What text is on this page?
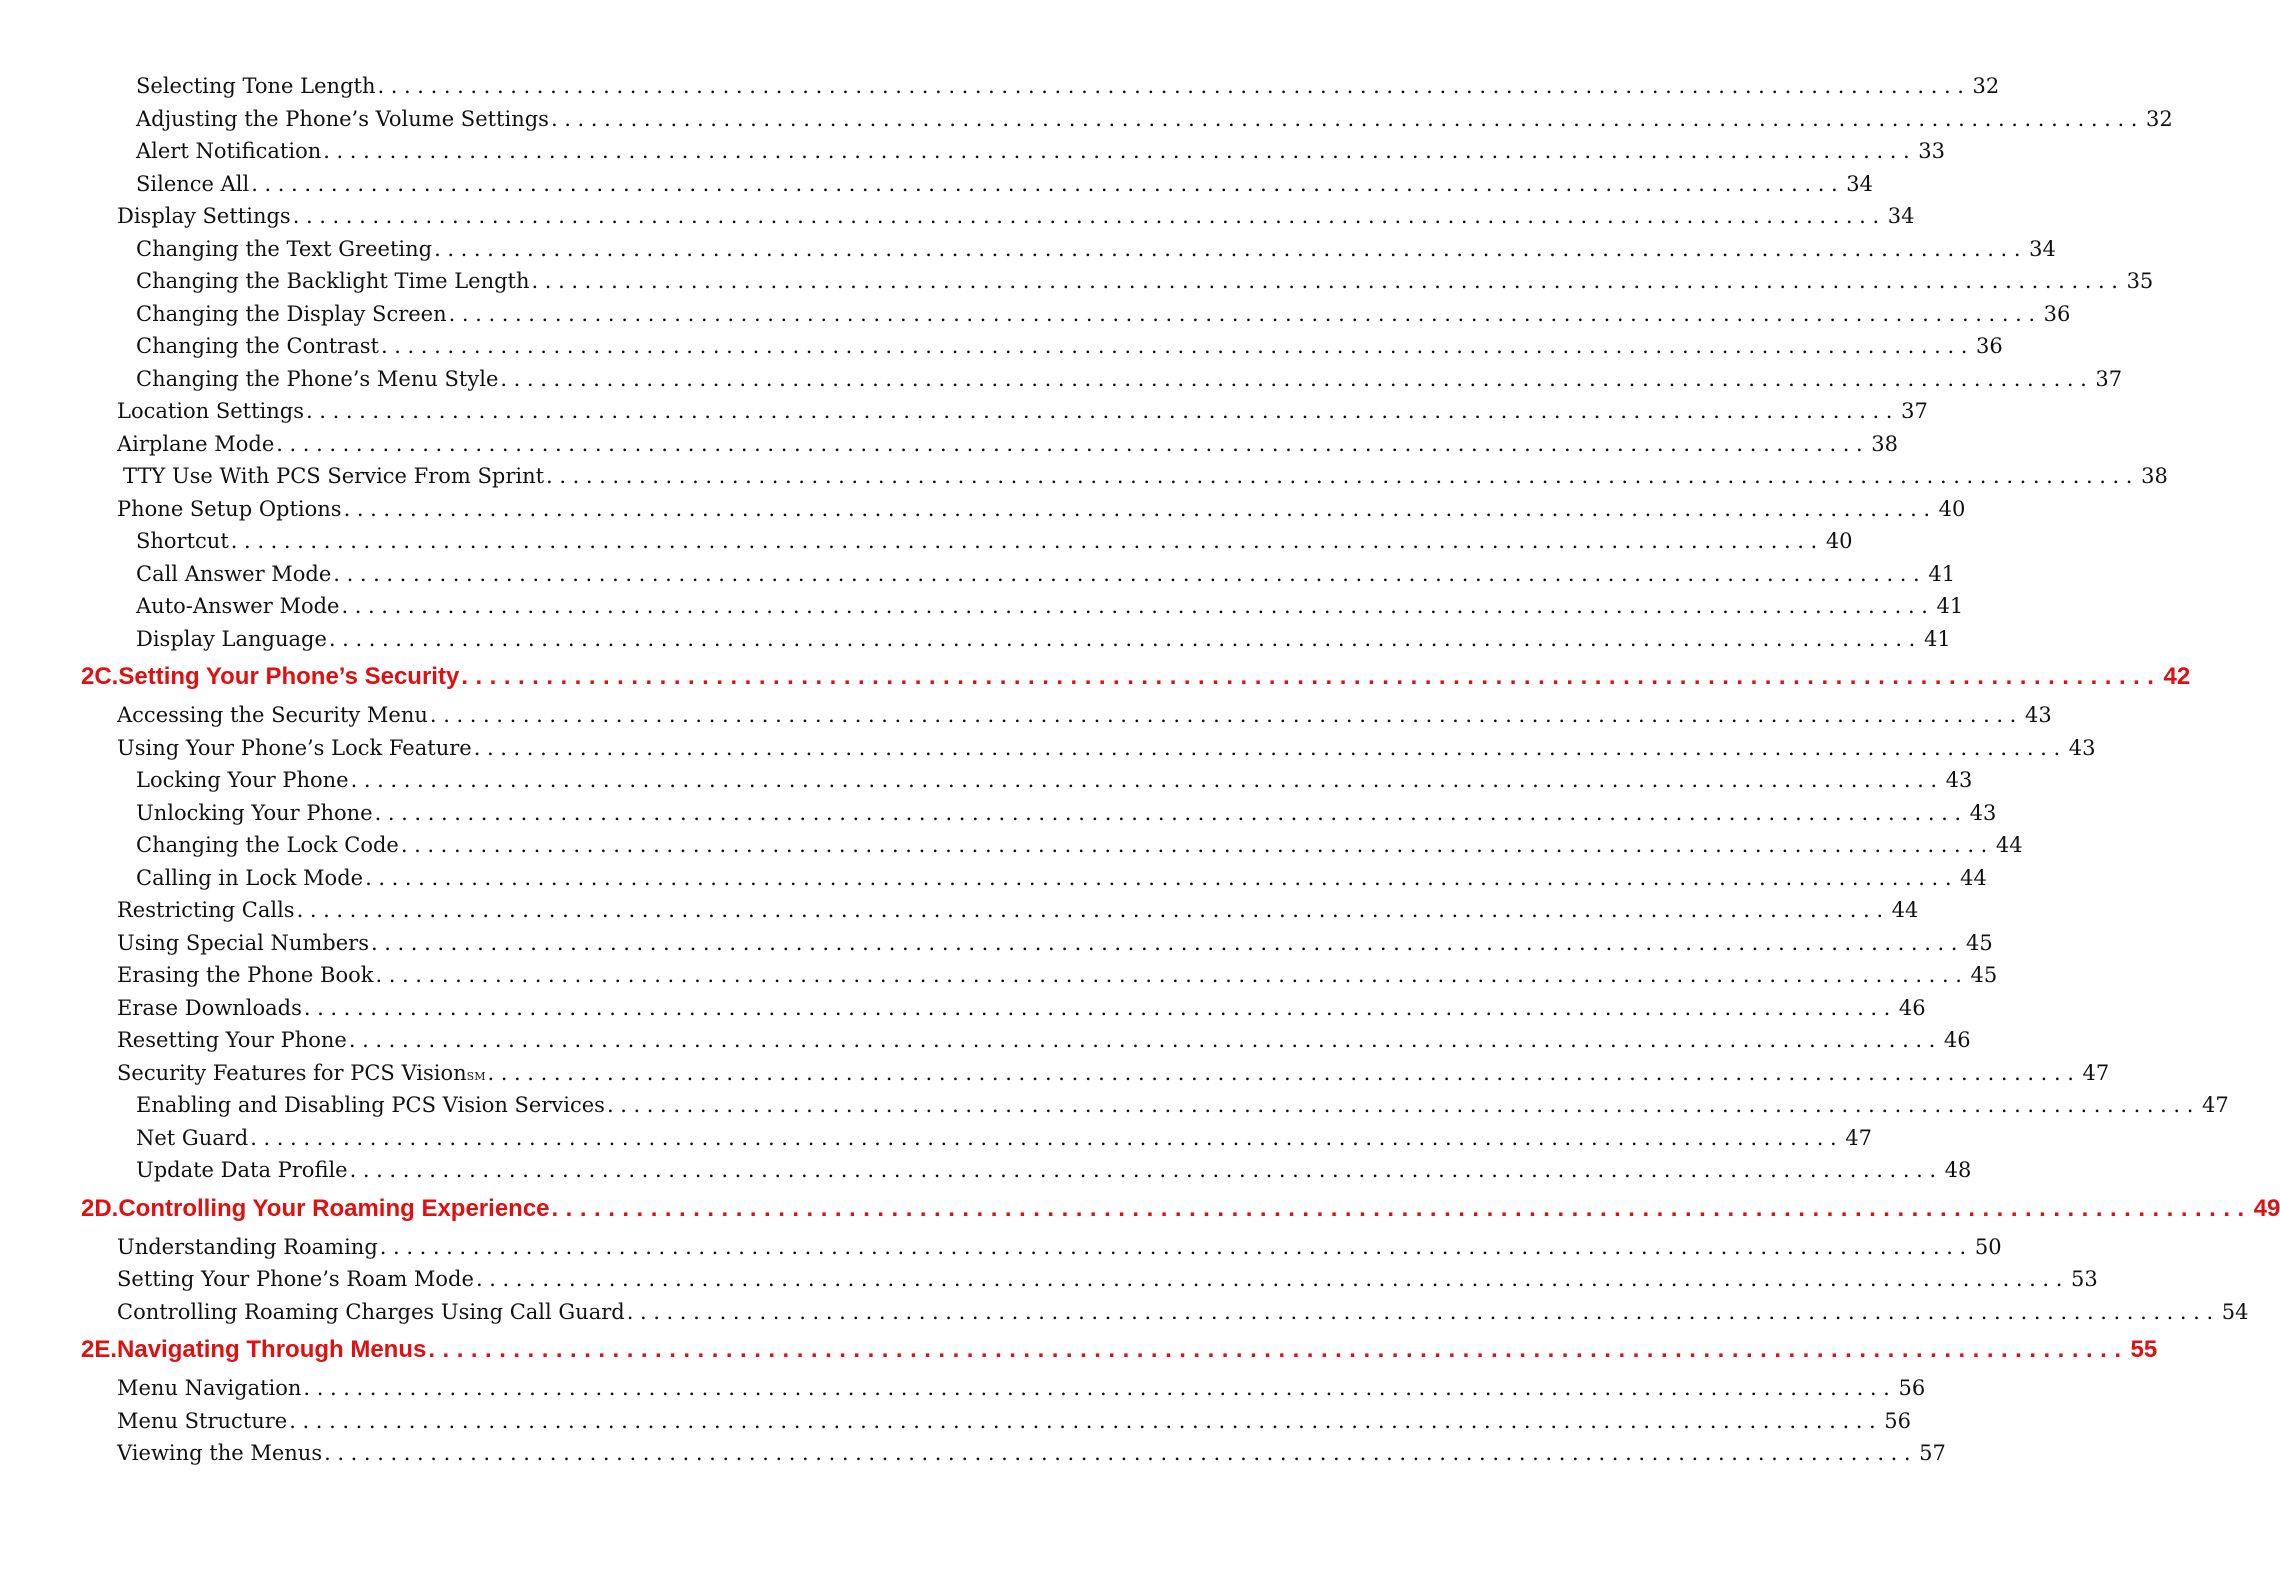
Selecting Tone Length ........................................................................................................................ 32
Adjusting the Phone’s Volume Settings ........................................................................................................................ 32
Alert Notification ........................................................................................................................ 33
Silence All ........................................................................................................................ 34
Display Settings ........................................................................................................................ 34
Changing the Text Greeting ........................................................................................................................ 34
Changing the Backlight Time Length ........................................................................................................................ 35
Changing the Display Screen ........................................................................................................................ 36
Changing the Contrast ........................................................................................................................ 36
Changing the Phone’s Menu Style ........................................................................................................................ 37
Location Settings ........................................................................................................................ 37
Airplane Mode ........................................................................................................................ 38
TTY Use With PCS Service From Sprint ........................................................................................................................ 38
Phone Setup Options ........................................................................................................................ 40
Shortcut ........................................................................................................................ 40
Call Answer Mode ........................................................................................................................ 41
Auto-Answer Mode ........................................................................................................................ 41
Display Language ........................................................................................................................ 41
2C.Setting Your Phone’s Security ........................................................................................................................ 42
Accessing the Security Menu ........................................................................................................................ 43
Using Your Phone’s Lock Feature ........................................................................................................................ 43
Locking Your Phone ........................................................................................................................ 43
Unlocking Your Phone ........................................................................................................................ 43
Changing the Lock Code ........................................................................................................................ 44
Calling in Lock Mode ........................................................................................................................ 44
Restricting Calls ........................................................................................................................ 44
Using Special Numbers ........................................................................................................................ 45
Erasing the Phone Book ........................................................................................................................ 45
Erase Downloads ........................................................................................................................ 46
Resetting Your Phone ........................................................................................................................ 46
Security Features for PCS Vision SM ........................................................................................................................ 47
Enabling and Disabling PCS Vision Services ........................................................................................................................ 47
Net Guard ........................................................................................................................ 47
Update Data Profile ........................................................................................................................ 48
2D.Controlling Your Roaming Experience ........................................................................................................................ 49
Understanding Roaming ........................................................................................................................ 50
Setting Your Phone’s Roam Mode ........................................................................................................................ 53
Controlling Roaming Charges Using Call Guard ........................................................................................................................ 54
2E.Navigating Through Menus ........................................................................................................................ 55
Menu Navigation ........................................................................................................................ 56
Menu Structure ........................................................................................................................ 56
Viewing the Menus ........................................................................................................................ 57
